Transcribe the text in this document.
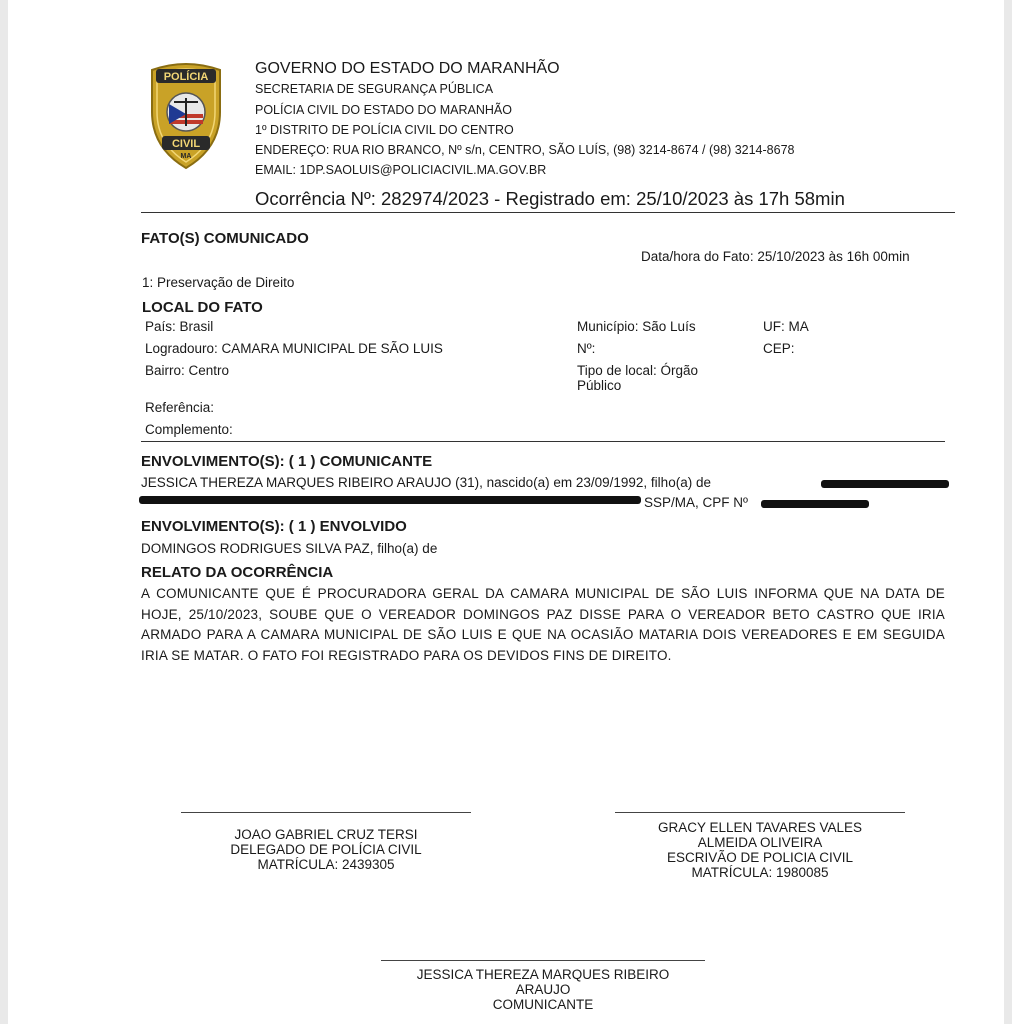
POLÍCIA
CIVIL
MA
GOVERNO DO ESTADO DO MARANHÃO
SECRETARIA DE SEGURANÇA PÚBLICA
POLÍCIA CIVIL DO ESTADO DO MARANHÃO
1º DISTRITO DE POLÍCIA CIVIL DO CENTRO
ENDEREÇO: RUA RIO BRANCO, Nº s/n, CENTRO, SÃO LUÍS, (98) 3214-8674 / (98) 3214-8678
EMAIL: 1DP.SAOLUIS@POLICIACIVIL.MA.GOV.BR
Ocorrência Nº: 282974/2023 - Registrado em: 25/10/2023 às 17h 58min
FATO(S) COMUNICADO
Data/hora do Fato: 25/10/2023 às 16h 00min
1: Preservação de Direito
LOCAL DO FATO
País: Brasil
Logradouro: CAMARA MUNICIPAL DE SÃO LUIS
Bairro: Centro
Referência:
Complemento:
Município: São Luís
Nº:
Tipo de local: Órgão
Público
UF: MA
CEP:
ENVOLVIMENTO(S): ( 1 ) COMUNICANTE
JESSICA THEREZA MARQUES RIBEIRO ARAUJO (31), nascido(a) em 23/09/1992, filho(a) de
SSP/MA, CPF Nº
ENVOLVIMENTO(S): ( 1 ) ENVOLVIDO
DOMINGOS RODRIGUES SILVA PAZ, filho(a) de
RELATO DA OCORRÊNCIA
A COMUNICANTE QUE É PROCURADORA GERAL DA CAMARA MUNICIPAL DE SÃO LUIS INFORMA QUE NA DATA DE HOJE, 25/10/2023, SOUBE QUE O VEREADOR DOMINGOS PAZ DISSE PARA O VEREADOR BETO CASTRO QUE IRIA ARMADO PARA A CAMARA MUNICIPAL DE SÃO LUIS E QUE NA OCASIÃO MATARIA DOIS VEREADORES E EM SEGUIDA IRIA SE MATAR. O FATO FOI REGISTRADO PARA OS DEVIDOS FINS DE DIREITO.
JOAO GABRIEL CRUZ TERSI
DELEGADO DE POLÍCIA CIVIL
MATRÍCULA: 2439305
GRACY ELLEN TAVARES VALES
ALMEIDA OLIVEIRA
ESCRIVÃO DE POLICIA CIVIL
MATRÍCULA: 1980085
JESSICA THEREZA MARQUES RIBEIRO
ARAUJO
COMUNICANTE
